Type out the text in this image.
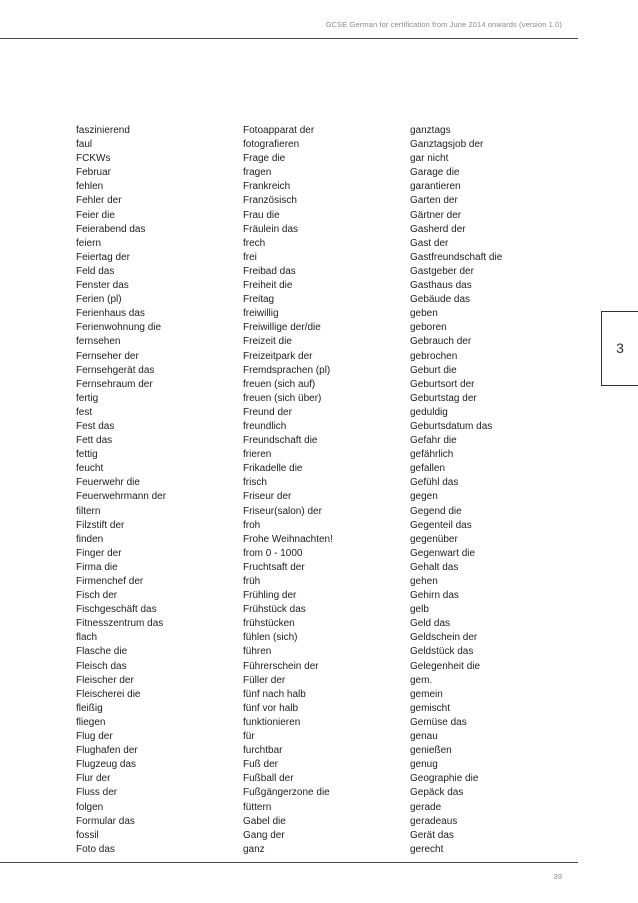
GCSE German for certification from June 2014 onwards (version 1.0)
3
faszinierend
faul
FCKWs
Februar
fehlen
Fehler der
Feier die
Feierabend das
feiern
Feiertag der
Feld das
Fenster das
Ferien (pl)
Ferienhaus das
Ferienwohnung die
fernsehen
Fernseher der
Fernsehgerät das
Fernsehraum der
fertig
fest
Fest das
Fett das
fettig
feucht
Feuerwehr die
Feuerwehrmann der
filtern
Filzstift der
finden
Finger der
Firma die
Firmenchef der
Fisch der
Fischgeschäft das
Fitnesszentrum das
flach
Flasche die
Fleisch das
Fleischer der
Fleischerei die
fleißig
fliegen
Flug der
Flughafen der
Flugzeug das
Flur der
Fluss der
folgen
Formular das
fossil
Foto das
Fotoapparat der
fotografieren
Frage die
fragen
Frankreich
Französisch
Frau die
Fräulein das
frech
frei
Freibad das
Freiheit die
Freitag
freiwillig
Freiwillige der/die
Freizeit die
Freizeitpark der
Fremdsprachen (pl)
freuen (sich auf)
freuen (sich über)
Freund der
freundlich
Freundschaft die
frieren
Frikadelle die
frisch
Friseur der
Friseur(salon) der
froh
Frohe Weihnachten!
from 0 - 1000
Fruchtsaft der
früh
Frühling der
Frühstück das
frühstücken
fühlen (sich)
führen
Führerschein der
Füller der
fünf nach halb
fünf vor halb
funktionieren
für
furchtbar
Fuß der
Fußball der
Fußgängerzone die
füttern
Gabel die
Gang der
ganz
ganztags
Ganztagsjob der
gar nicht
Garage die
garantieren
Garten der
Gärtner der
Gasherd der
Gast der
Gastfreundschaft die
Gastgeber der
Gasthaus das
Gebäude das
geben
geboren
Gebrauch der
gebrochen
Geburt die
Geburtsort der
Geburtstag der
geduldig
Geburtsdatum das
Gefahr die
gefährlich
gefallen
Gefühl das
gegen
Gegend die
Gegenteil das
gegenüber
Gegenwart die
Gehalt das
gehen
Gehirn das
gelb
Geld das
Geldschein der
Geldstück das
Gelegenheit die
gem.
gemein
gemischt
Gemüse das
genau
genießen
genug
Geographie die
Gepäck das
gerade
geradeaus
Gerät das
gerecht
39
